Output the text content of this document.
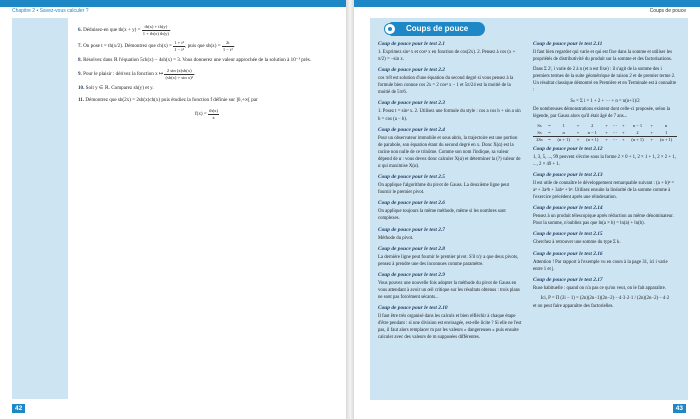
Chapitre 2 • Savez-vous calculer ?
6. Déduisez-en que $th(x + y) = \frac{th(x) + th(y)}{1 + th(x) th(y)}$ .
7. On pose t = th(x/2). Démontrez que $ch(x) = \frac{\text{1 + t²}}{\text{1 − t²}}$ , puis que $sh(x) = \frac{2t}{\text{1 − t²}}$ .
8. Résolvez dans ℝ l'équation 5ch(x) − 4sh(x) = 3. Vous donnerez une valeur approchée de la solution à 10⁻³ près.
9. Pour le plaisir : dérivez la fonction x ↦ $\frac{2 \sin (x)sh(x)}{\text{(sh(x) + sin x)²}}$ .
10. Soit y ∈ ℝ. Comparez sh(y) et y.
11. Démontrez que sh(2x) = 2sh(x)ch(x) puis étudiez la fonction f définie sur ]0,+∞[ par
$f(x) = \frac{th(x)}{x}$
42
Coups de pouce
Coups de pouce
Coup de pouce pour le test 2.1
1. Exprimez sin² x et cos² x en fonction de cos(2x). 2. Pensez à cos (x + π/2) = −sin x.
Coup de pouce pour le test 2.2
cos π/8 est solution d'une équation du second degré si vous pensez à la formule bien connue cos 2x = 2 cos² x − 1 et 5π/24 est la moitié de la moitié de 5π/6.
Coup de pouce pour le test 2.3
1. Posez t = sin² x. 2. Utilisez une formule du style : cos a cos b + sin a sin b = cos (a − b).
Coup de pouce pour le test 2.4
Pour un observateur immobile et sous abris, la trajectoire est une portion de parabole, son équation étant du second degré en x. Donc X(α) est la racine non nulle de ce trinôme. Comme son nom l'indique, sa valeur dépend de α : vous devez donc calculer X(α) et déterminer la (?) valeur de α qui maximise X(α).
Coup de pouce pour le test 2.5
On applique l'algorithme du pivot de Gauss. La deuxième ligne peut fournir le premier pivot.
Coup de pouce pour le test 2.6
On applique toujours la même méthode, même si les nombres sont complexes.
Coup de pouce pour le test 2.7
Méthode du pivot.
Coup de pouce pour le test 2.8
La dernière ligne peut fournir le premier pivot. S'il n'y a que deux pivots, pensez à prendre une des inconnues comme paramètre.
Coup de pouce pour le test 2.9
Vous pouvez une nouvelle fois adopter la méthode du pivot de Gauss en vous attendant à avoir un œil critique sur les résultats obtenus : trois plans ne sont pas forcément sécants...
Coup de pouce pour le test 2.10
Il faut être très organisé dans les calculs et bien réfléchir à chaque étape d'être pendant : si une division est envisagée, est-elle licite ? Si elle ne l'est pas, il faut alors remplacer m par les valeurs « dangereuses » puis ensuite calculer avec des valeurs de m supposées différentes.
Coup de pouce pour le test 2.11
Il faut bien regarder qui varie et qui est fixe dans la somme et utiliser les propriétés de distributivité du produit sur la somme et des factorisations.
Dans Σ 2ⁱ, i varie de 2 à n (et n est fixe) : il s'agit de la somme des i premiers termes de la suite géométrique de raison 2 et de premier terme 2. Un résultat classique démontré en Première et en Terminale est à connaître :
Sₙ = Σ i = 1 + 2 + ⋯ + n = n(n+1)/2
De nombreuses démonstrations existent dont celle-ci proposée, selon la légende, par Gauss alors qu'il était âgé de 7 ans...
Sₙ	=	1	+	2	+	⋯	+	n − 1	+	n
Sₙ	=	n	+	n − 1	+	⋯	+	2	+	1
2Sₙ	=	(n + 1)	+	(n + 1)	+	⋯	+	(n + 1)	+	(n + 1)
Coup de pouce pour le test 2.12
1, 3, 5, ..., 99 peuvent s'écrire sous la forme 2 × 0 + 1, 2 × 1 + 1, 2 × 2 + 1, ..., 2 × 49 + 1.
Coup de pouce pour le test 2.13
Il est utile de connaître le développement remarquable suivant : (a + b)³ = a³ + 3a²b + 3ab² + b³. Utilisez ensuite la linéarité de la somme comme à l'exercice précédent après une réindexation.
Coup de pouce pour le test 2.14
Pensez à un produit télescopique après réduction au même dénominateur. Pour la somme, n'oubliez pas que ln(a × b) = ln(a) + ln(b).
Coup de pouce pour le test 2.15
Cherchez à retrouver une somme du type Σ k.
Coup de pouce pour le test 2.16
Attention ! Par rapport à l'exemple vu en cours à la page 31, ici i varie entre 1 et j.
Coup de pouce pour le test 2.17
Ruse habituelle : quand on n'a pas ce qu'on veut, on le fait apparaître.
Ici, P = Π (2i − 1) = (2n)(2n−1)(2n−2)···4·3·2·1 / (2n)(2n−2)···4·2
et on peut faire apparaître des factorielles.
43
